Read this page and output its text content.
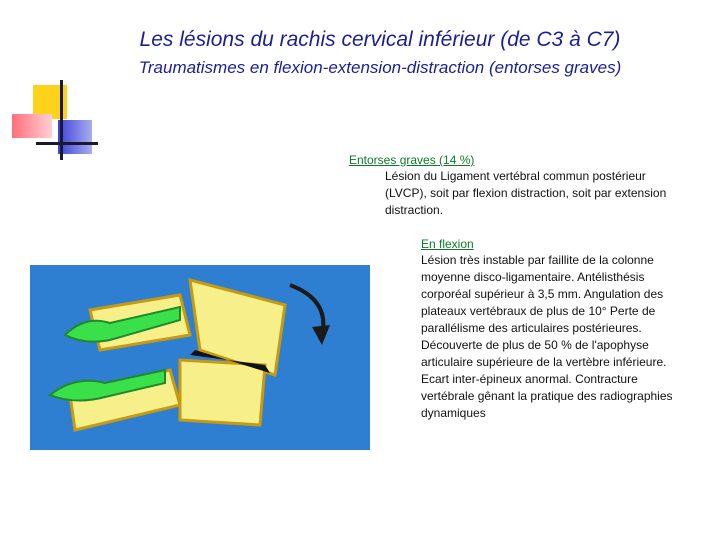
Les lésions du rachis cervical inférieur (de C3 à C7)
Traumatismes en flexion-extension-distraction (entorses graves)
Entorses graves (14 %)
Lésion du Ligament vertébral commun postérieur (LVCP), soit par flexion distraction, soit par extension distraction.
En flexion
Lésion très instable par faillite de la colonne moyenne disco-ligamentaire. Antélisthésis corporéal supérieur à 3,5 mm. Angulation des plateaux vertébraux de plus de 10° Perte de parallélisme des articulaires postérieures. Découverte de plus de 50 % de l'apophyse articulaire supérieure de la vertèbre inférieure. Ecart inter-épineux anormal. Contracture vertébrale gênant la pratique des radiographies dynamiques
